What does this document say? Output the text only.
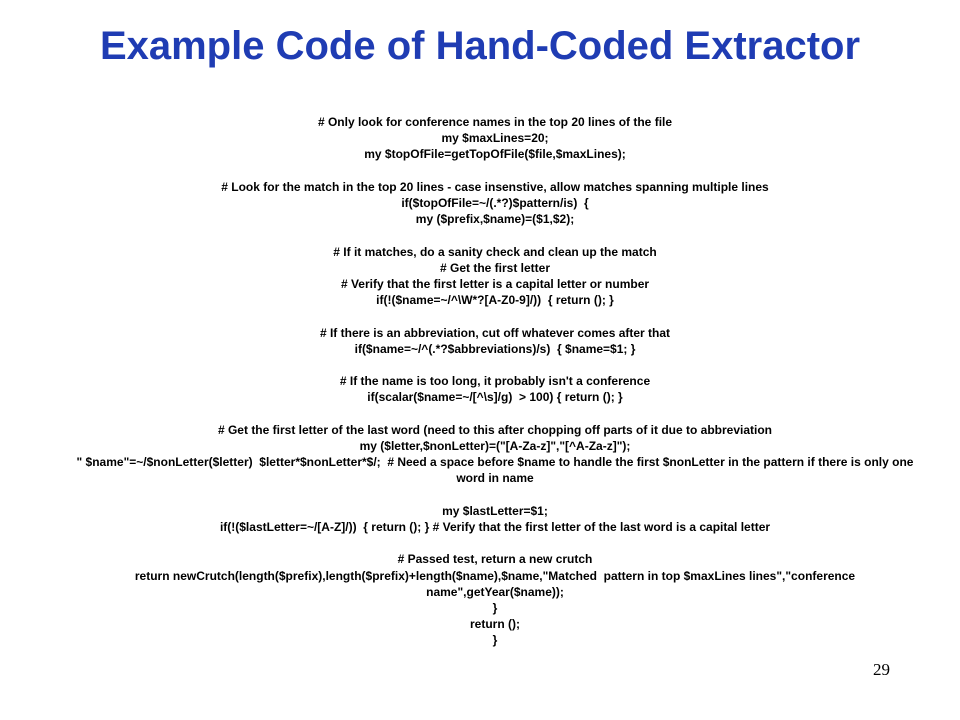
Example Code of Hand-Coded Extractor
# Only look for conference names in the top 20 lines of the file
my $maxLines=20;
my $topOfFile=getTopOfFile($file,$maxLines);
# Look for the match in the top 20 lines - case insenstive, allow matches spanning multiple lines
if($topOfFile=~/(.*?)$pattern/is)  {
my ($prefix,$name)=($1,$2);
# If it matches, do a sanity check and clean up the match
# Get the first letter
# Verify that the first letter is a capital letter or number
if(!($name=~/^\W*?[A-Z0-9]/))  { return (); }
# If there is an abbreviation, cut off whatever comes after that
if($name=~/^(.*?$abbreviations)/s)  { $name=$1; }
# If the name is too long, it probably isn't a conference
if(scalar($name=~/[^\s]/g)  > 100) { return (); }
# Get the first letter of the last word (need to this after chopping off parts of it due to abbreviation
my ($letter,$nonLetter)=("[A-Za-z]","[^A-Za-z]");
" $name"=~/$nonLetter($letter)  $letter*$nonLetter*$/;  # Need a space before $name to handle the first $nonLetter in the pattern if there is only one word in name
my $lastLetter=$1;
if(!($lastLetter=~/[A-Z]/))  { return (); } # Verify that the first letter of the last word is a capital letter
# Passed test, return a new crutch
return newCrutch(length($prefix),length($prefix)+length($name),$name,"Matched  pattern in top $maxLines lines","conference name",getYear($name));
}
return ();
}
29
